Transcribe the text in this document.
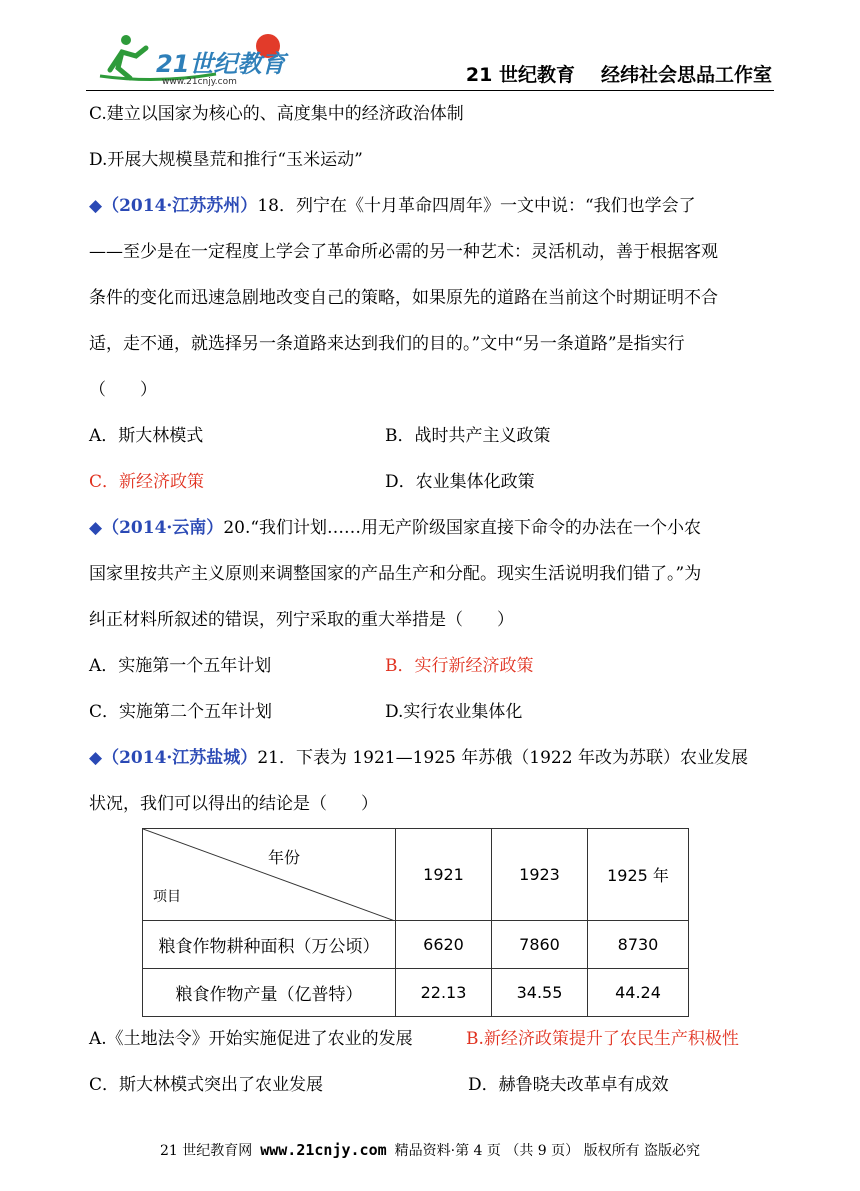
21世纪教育
www.21cnjy.com	21 世纪教育 经纬社会思品工作室
C.建立以国家为核心的、高度集中的经济政治体制
D.开展大规模垦荒和推行“玉米运动”
◆（2014·江苏苏州）18．列宁在《十月革命四周年》一文中说：“我们也学会了
——至少是在一定程度上学会了革命所必需的另一种艺术：灵活机动，善于根据客观
条件的变化而迅速急剧地改变自己的策略，如果原先的道路在当前这个时期证明不合
适，走不通，就选择另一条道路来达到我们的目的。”文中“另一条道路”是指实行
（　　）
A．斯大林模式	B．战时共产主义政策
C．新经济政策	D．农业集体化政策
◆（2014·云南）20.“我们计划……用无产阶级国家直接下命令的办法在一个小农
国家里按共产主义原则来调整国家的产品生产和分配。现实生活说明我们错了。”为
纠正材料所叙述的错误，列宁采取的重大举措是（　　）
A．实施第一个五年计划	B．实行新经济政策
C．实施第二个五年计划	D.实行农业集体化
◆（2014·江苏盐城）21．下表为 1921—1925 年苏俄（1922 年改为苏联）农业发展
状况，我们可以得出的结论是（　　）
年份
项目	1921	1923	1925 年
粮食作物耕种面积（万公顷）	6620	7860	8730
粮食作物产量（亿普特）	22.13	34.55	44.24
A.《土地法令》开始实施促进了农业的发展	B.新经济政策提升了农民生产积极性
C．斯大林模式突出了农业发展	D．赫鲁晓夫改革卓有成效
21 世纪教育网 www.21cnjy.com 精品资料·第 4 页 （共 9 页） 版权所有 盗版必究
